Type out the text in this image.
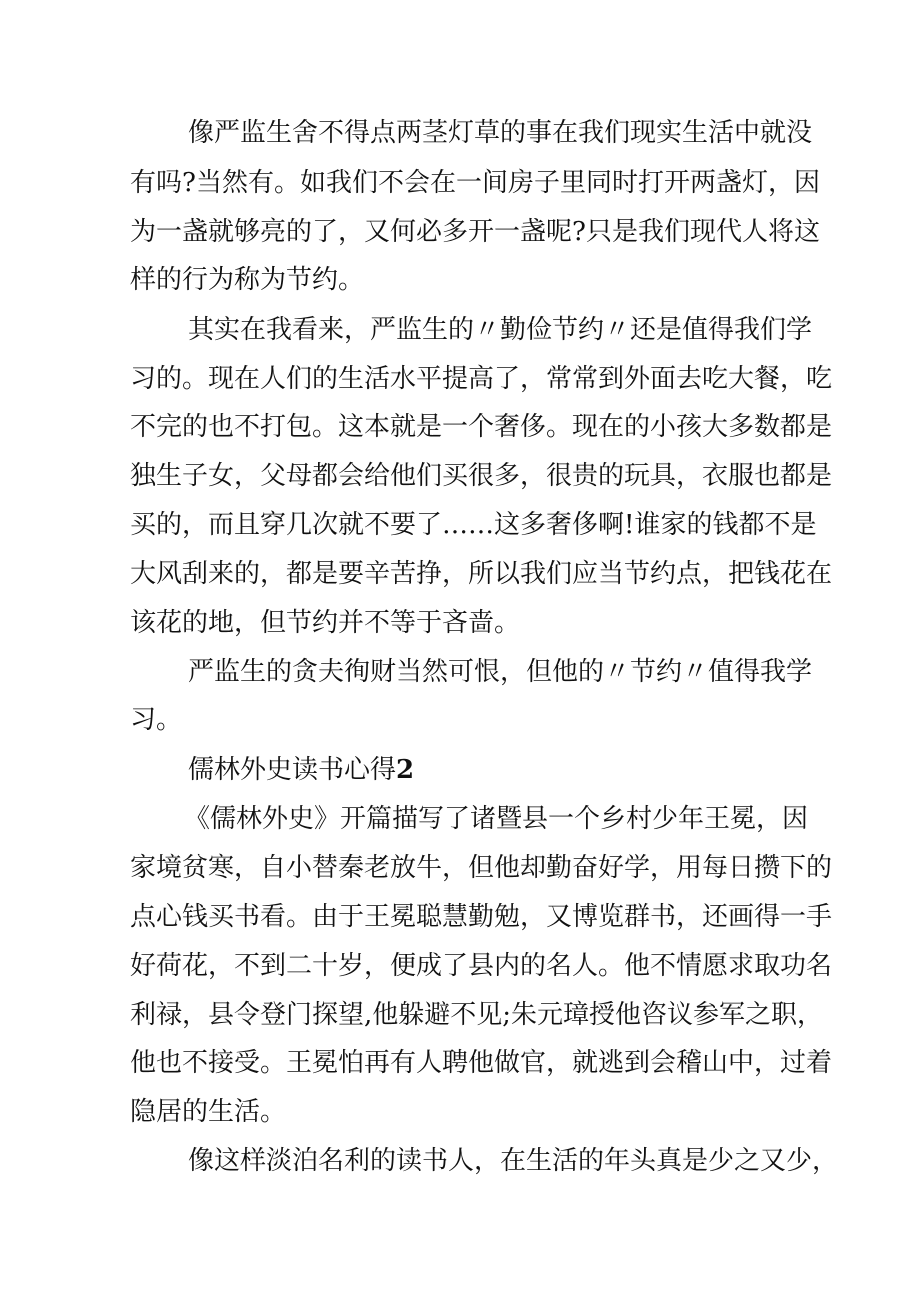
像严监生舍不得点两茎灯草的事在我们现实生活中就没
有吗?当然有。如我们不会在一间房子里同时打开两盏灯，因
为一盏就够亮的了，又何必多开一盏呢?只是我们现代人将这
样的行为称为节约。
其实在我看来，严监生的〃勤俭节约〃还是值得我们学
习的。现在人们的生活水平提高了，常常到外面去吃大餐，吃
不完的也不打包。这本就是一个奢侈。现在的小孩大多数都是
独生子女，父母都会给他们买很多，很贵的玩具，衣服也都是
买的，而且穿几次就不要了……这多奢侈啊!谁家的钱都不是
大风刮来的，都是要辛苦挣，所以我们应当节约点，把钱花在
该花的地，但节约并不等于吝啬。
严监生的贪夫徇财当然可恨，但他的〃节约〃值得我学
习。
儒林外史读书心得2
《儒林外史》开篇描写了诸暨县一个乡村少年王冕，因
家境贫寒，自小替秦老放牛，但他却勤奋好学，用每日攒下的
点心钱买书看。由于王冕聪慧勤勉，又博览群书，还画得一手
好荷花，不到二十岁，便成了县内的名人。他不情愿求取功名
利禄，县令登门探望,他躲避不见;朱元璋授他咨议参军之职，
他也不接受。王冕怕再有人聘他做官，就逃到会稽山中，过着
隐居的生活。
像这样淡泊名利的读书人，在生活的年头真是少之又少，
